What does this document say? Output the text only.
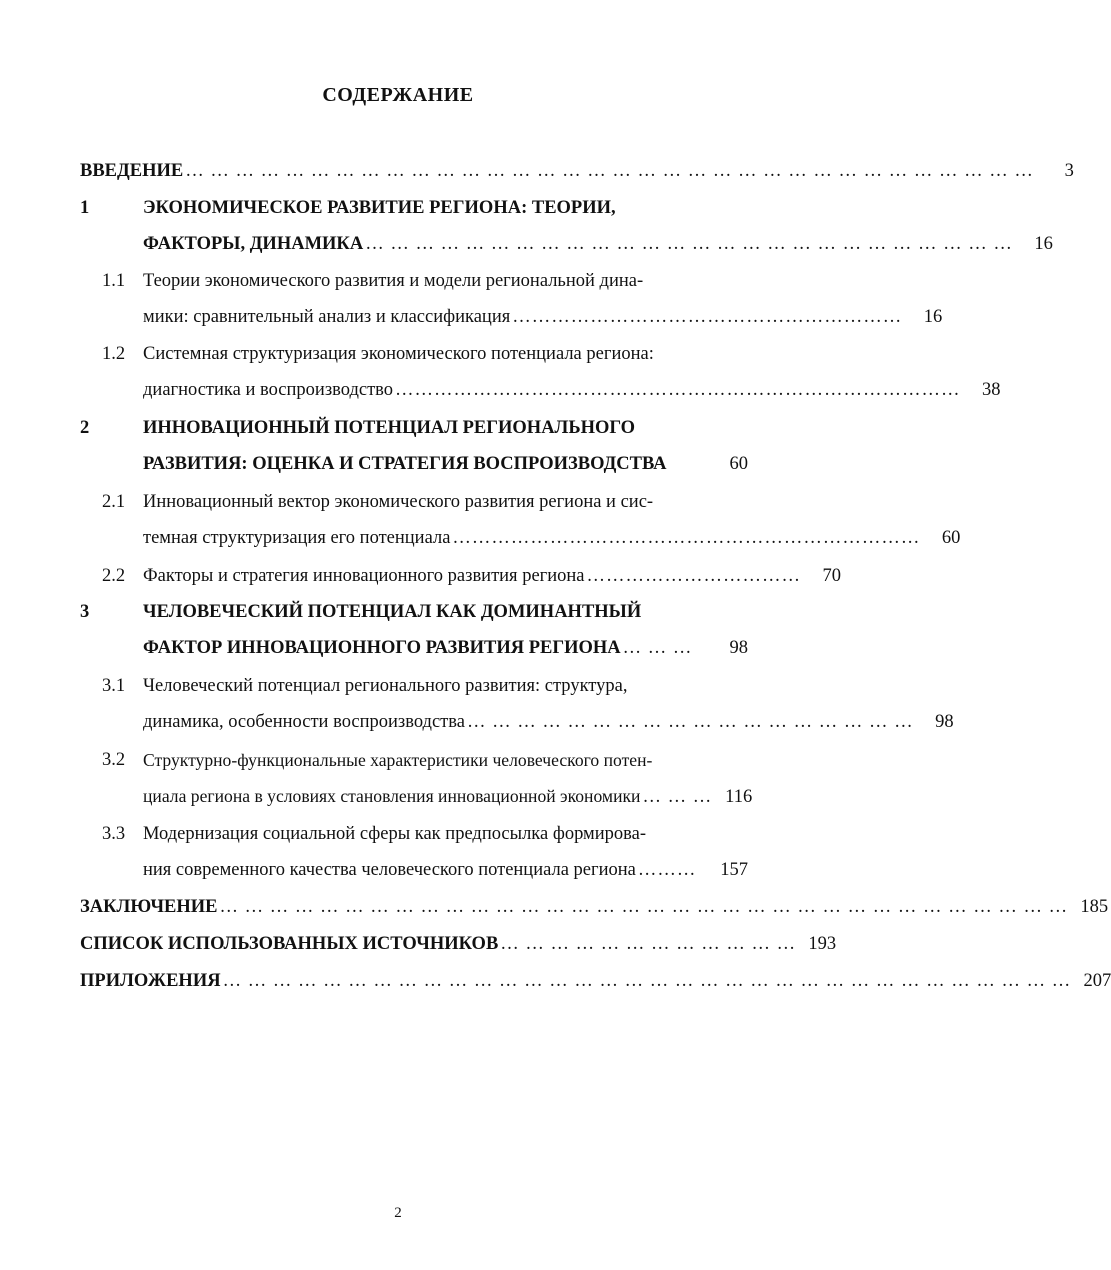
СОДЕРЖАНИЕ
ВВЕДЕНИЕ … … … … … … … … … … … … … … … … … … … … … … … … … … … … … … … … … …	3
1	ЭКОНОМИЧЕСКОЕ РАЗВИТИЕ РЕГИОНА: ТЕОРИИ,
ФАКТОРЫ, ДИНАМИКА … … … … … … … … … … … … … … … … … … … … … … … … … …	16
1.1 Теории экономического развития и модели региональной дина-
мики: сравнительный анализ и классификация ……………………………………………………	16
1.2 Системная структуризация экономического потенциала региона:
диагностика и воспроизводство ……………………………………………………………………………	38
2	ИННОВАЦИОННЫЙ ПОТЕНЦИАЛ РЕГИОНАЛЬНОГО
РАЗВИТИЯ: ОЦЕНКА И СТРАТЕГИЯ ВОСПРОИЗВОДСТВА	60
2.1 Инновационный вектор экономического развития региона и сис-
темная структуризация его потенциала ………………………………………………………………	60
2.2 Факторы и стратегия инновационного развития региона ……………………………	70
3	ЧЕЛОВЕЧЕСКИЙ ПОТЕНЦИАЛ КАК ДОМИНАНТНЫЙ
ФАКТОР ИННОВАЦИОННОГО РАЗВИТИЯ РЕГИОНА … … …	98
3.1 Человеческий потенциал регионального развития: структура,
динамика, особенности воспроизводства … … … … … … … … … … … … … … … … … …	98
3.2	Структурно-функциональные характеристики человеческого потен-
циала региона в условиях становления инновационной экономики … … … 116
3.3 Модернизация социальной сферы как предпосылка формирова-
ния современного качества человеческого потенциала региона ………	157
ЗАКЛЮЧЕНИЕ … … … … … … … … … … … … … … … … … … … … … … … … … … … … … … … … … … 185
СПИСОК ИСПОЛЬЗОВАННЫХ ИСТОЧНИКОВ … … … … … … … … … … … … 193
ПРИЛОЖЕНИЯ … … … … … … … … … … … … … … … … … … … … … … … … … … … … … … … … … … 207
2
